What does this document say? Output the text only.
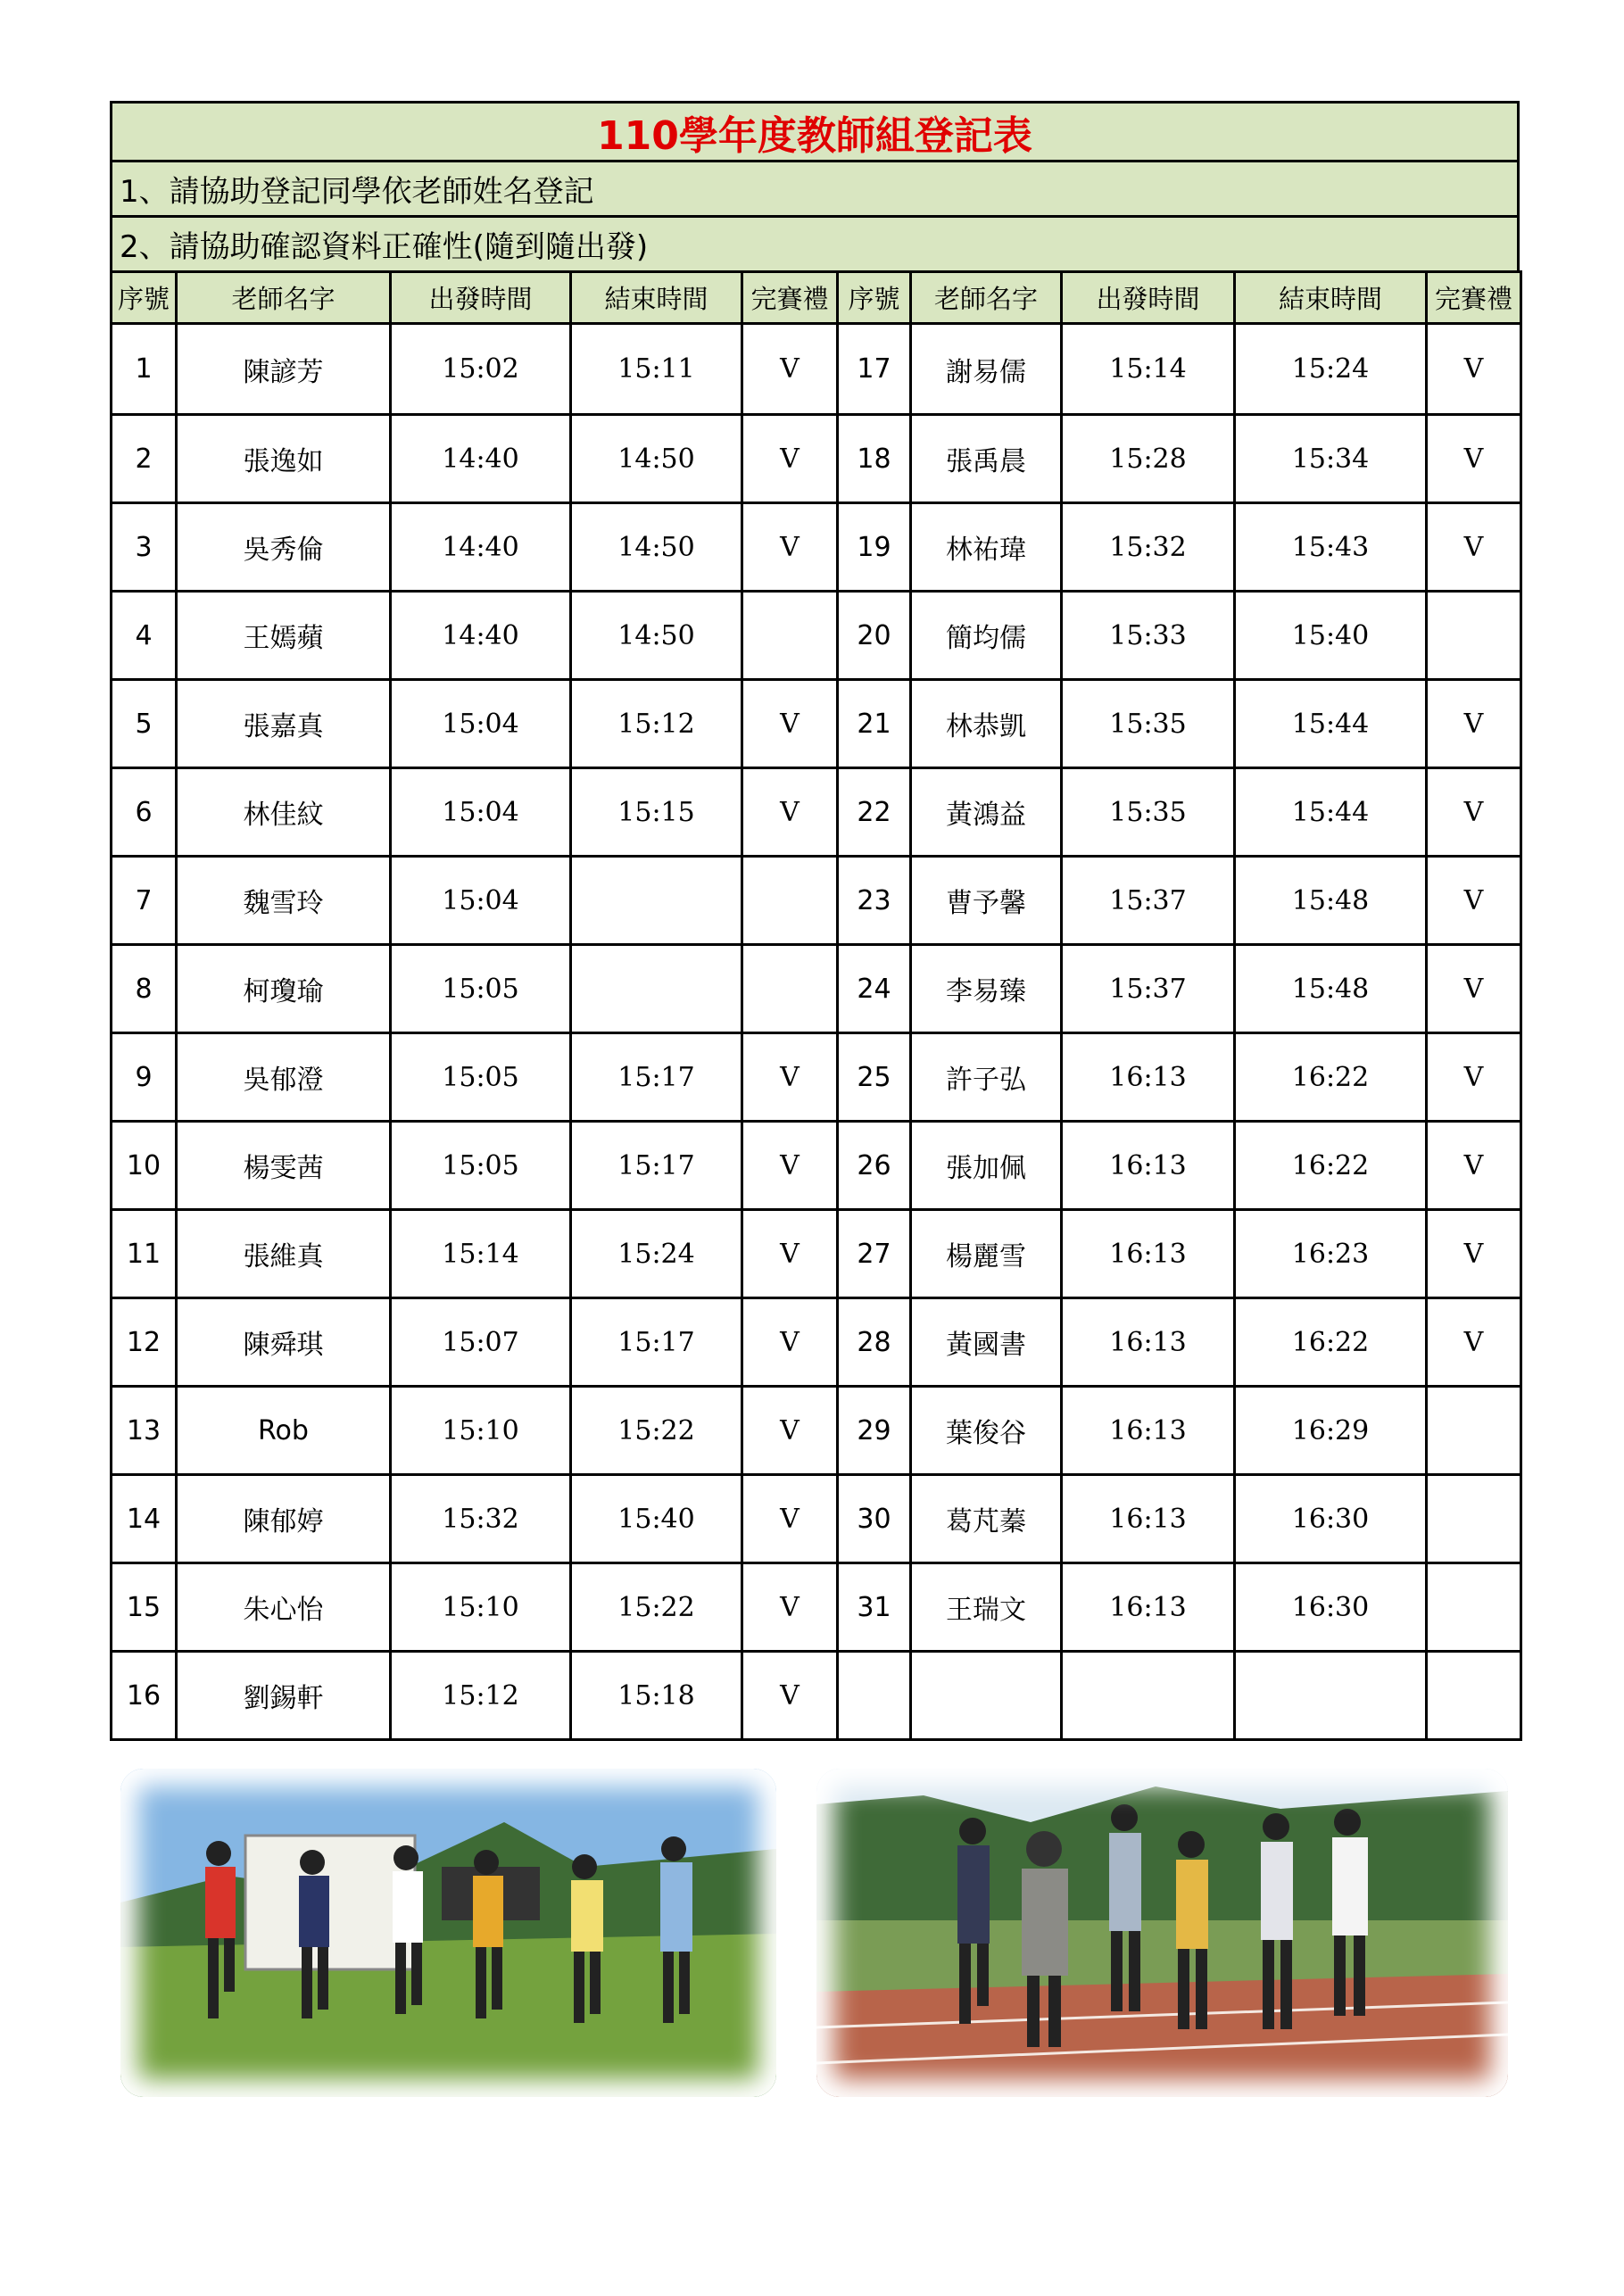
110學年度教師組登記表
1、請協助登記同學依老師姓名登記
2、請協助確認資料正確性(隨到隨出發)
序號	老師名字	出發時間	結束時間	完賽禮	序號	老師名字	出發時間	結束時間	完賽禮
1	陳諺芳	15:02	15:11	V	17	謝易儒	15:14	15:24	V
2	張逸如	14:40	14:50	V	18	張禹晨	15:28	15:34	V
3	吳秀倫	14:40	14:50	V	19	林祐瑋	15:32	15:43	V
4	王嫣蘋	14:40	14:50		20	簡均儒	15:33	15:40	
5	張嘉真	15:04	15:12	V	21	林恭凱	15:35	15:44	V
6	林佳紋	15:04	15:15	V	22	黃鴻益	15:35	15:44	V
7	魏雪玲	15:04			23	曹予馨	15:37	15:48	V
8	柯瓊瑜	15:05			24	李易臻	15:37	15:48	V
9	吳郁澄	15:05	15:17	V	25	許子弘	16:13	16:22	V
10	楊雯茜	15:05	15:17	V	26	張加佩	16:13	16:22	V
11	張維真	15:14	15:24	V	27	楊麗雪	16:13	16:23	V
12	陳舜琪	15:07	15:17	V	28	黃國書	16:13	16:22	V
13	Rob	15:10	15:22	V	29	葉俊谷	16:13	16:29	
14	陳郁婷	15:32	15:40	V	30	葛芃蓁	16:13	16:30	
15	朱心怡	15:10	15:22	V	31	王瑞文	16:13	16:30	
16	劉錫軒	15:12	15:18	V					
